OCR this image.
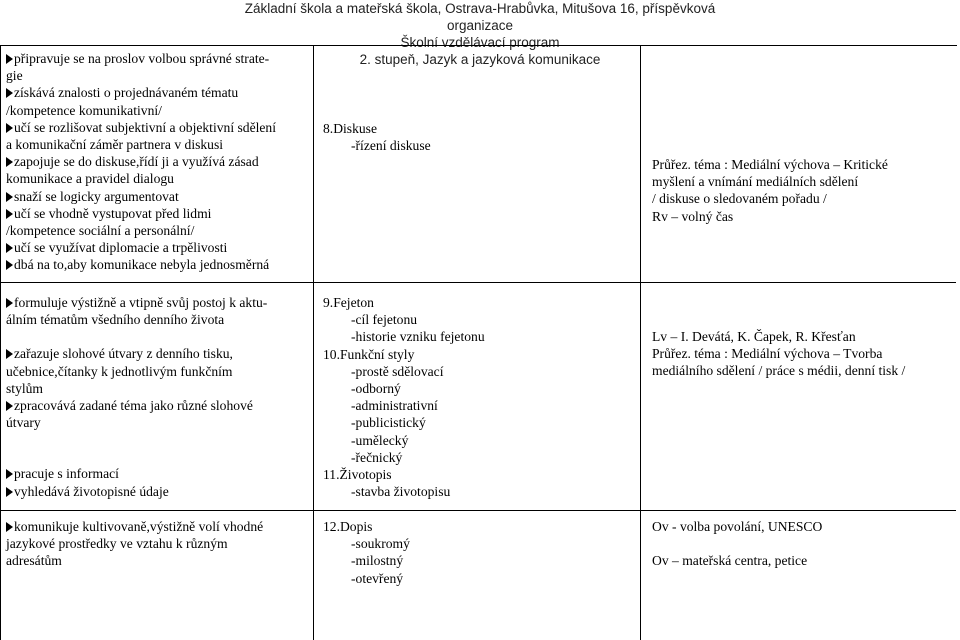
Základní škola a mateřská škola, Ostrava-Hrabůvka, Mitušova 16, příspěvková organizace
Školní vzdělávací program
2. stupeň, Jazyk a jazyková komunikace
připravuje se na proslov volbou správné strate-
gie
získává znalosti o projednávaném tématu
/kompetence komunikativní/
učí se rozlišovat subjektivní a objektivní sdělení
a komunikační záměr partnera v diskusi
zapojuje se do diskuse,řídí ji a využívá zásad
komunikace a pravidel dialogu
snaží se logicky argumentovat
učí se vhodně vystupovat před lidmi
/kompetence sociální a personální/
učí se využívat diplomacie a trpělivosti
dbá na to,aby komunikace nebyla jednosměrná
8.Diskuse
-řízení diskuse
Průřez. téma : Mediální výchova – Kritické
myšlení a vnímání mediálních sdělení
/ diskuse o sledovaném pořadu /
Rv – volný čas
formuluje výstižně a vtipně svůj postoj k aktu-
álním tématům všedního denního života
zařazuje slohové útvary z denního tisku,
učebnice,čítanky k jednotlivým funkčním
stylům
zpracovává zadané téma jako různé slohové
útvary
pracuje s informací
vyhledává životopisné údaje
9.Fejeton
-cíl fejetonu
-historie vzniku fejetonu
10.Funkční styly
-prostě sdělovací
-odborný
-administrativní
-publicistický
-umělecký
-řečnický
11.Životopis
-stavba životopisu
Lv – I. Devátá, K. Čapek, R. Křesťan
Průřez. téma : Mediální výchova – Tvorba
mediálního sdělení / práce s médii, denní tisk /
komunikuje kultivovaně,výstižně volí vhodné
jazykové prostředky ve vztahu k různým
adresátům
12.Dopis
-soukromý
-milostný
-otevřený
Ov - volba povolání, UNESCO
Ov – mateřská centra, petice
